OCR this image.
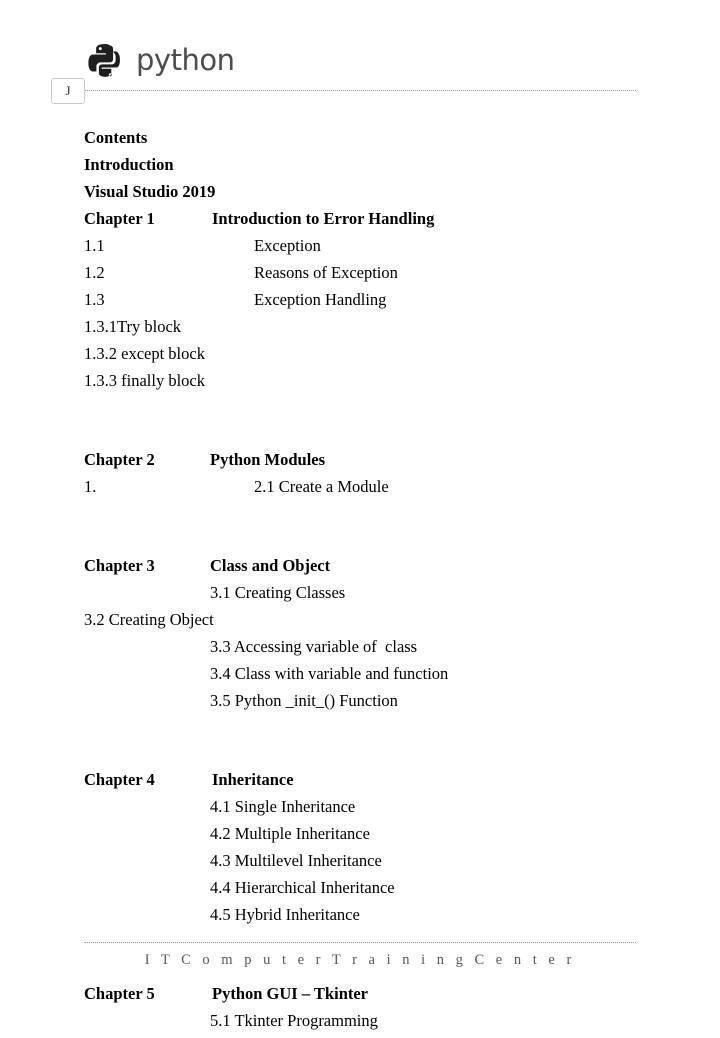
python
J
Contents
Introduction
Visual Studio 2019
Chapter 1	Introduction to Error Handling
1.1	Exception
1.2	Reasons of Exception
1.3	Exception Handling
1.3.1Try block
1.3.2 except block
1.3.3 finally block
Chapter 2	Python Modules
1.	2.1 Create a Module
Chapter 3	Class and Object
3.1 Creating Classes
3.2 Creating Object
3.3 Accessing variable of  class
3.4 Class with variable and function
3.5 Python _init_() Function
Chapter 4	Inheritance
4.1 Single Inheritance
4.2 Multiple Inheritance
4.3 Multilevel Inheritance
4.4 Hierarchical Inheritance
4.5 Hybrid Inheritance
Chapter 5	Python GUI – Tkinter
5.1 Tkinter Programming
I T C o m p u t e r T r a i n i n g C e n t e r
